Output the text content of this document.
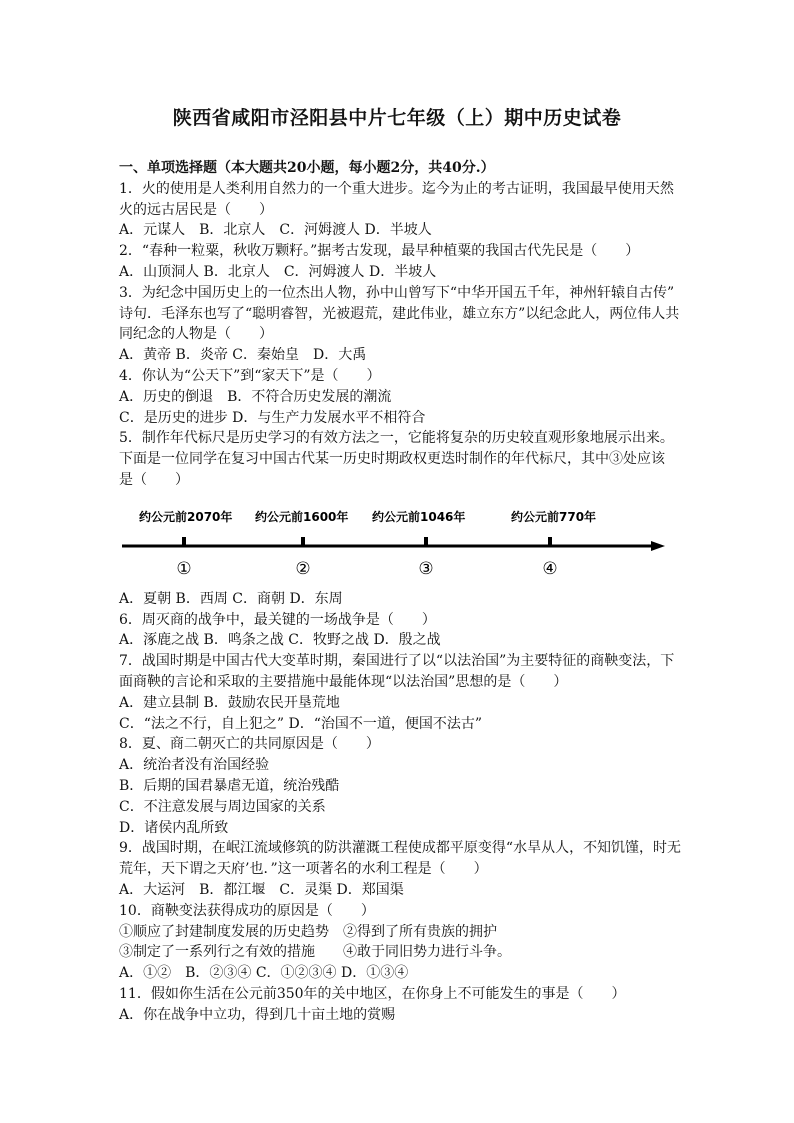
陕西省咸阳市泾阳县中片七年级（上）期中历史试卷
一、单项选择题（本大题共20小题，每小题2分，共40分.）
1．火的使用是人类利用自然力的一个重大进步。迄今为止的考古证明，我国最早使用天然
火的远古居民是（　　）
A．元谋人　B．北京人　C．河姆渡人 D．半坡人
2．“春种一粒粟，秋收万颗籽。”据考古发现，最早种植粟的我国古代先民是（　　）
A．山顶洞人 B．北京人　C．河姆渡人 D．半坡人
3．为纪念中国历史上的一位杰出人物，孙中山曾写下“中华开国五千年，神州轩辕自古传”
诗句．毛泽东也写了“聪明睿智，光被遐荒，建此伟业，雄立东方”以纪念此人，两位伟人共
同纪念的人物是（　　）
A．黄帝 B．炎帝 C．秦始皇　D．大禹
4．你认为“公天下”到“家天下”是（　　）
A．历史的倒退　B．不符合历史发展的潮流
C．是历史的进步 D．与生产力发展水平不相符合
5．制作年代标尺是历史学习的有效方法之一，它能将复杂的历史较直观形象地展示出来。
下面是一位同学在复习中国古代某一历史时期政权更迭时制作的年代标尺，其中③处应该
是（　　）
约公元前2070年 约公元前1600年 约公元前1046年	约公元前770年
①	②	③	④
A．夏朝 B．西周 C．商朝 D．东周
6．周灭商的战争中，最关键的一场战争是（　　）
A．涿鹿之战 B．鸣条之战 C．牧野之战 D．殷之战
7．战国时期是中国古代大变革时期，秦国进行了以“以法治国”为主要特征的商鞅变法，下
面商鞅的言论和采取的主要措施中最能体现“以法治国”思想的是（　　）
A．建立县制 B．鼓励农民开垦荒地
C．“法之不行，自上犯之” D．“治国不一道，便国不法古”
8．夏、商二朝灭亡的共同原因是（　　）
A．统治者没有治国经验
B．后期的国君暴虐无道，统治残酷
C．不注意发展与周边国家的关系
D．诸侯内乱所致
9．战国时期，在岷江流域修筑的防洪灌溉工程使成都平原变得“水旱从人，不知饥馑，时无
荒年，天下谓之天府’也．”这一项著名的水利工程是（　　）
A．大运河　B．都江堰　C．灵渠 D．郑国渠
10．商鞅变法获得成功的原因是（　　）
①顺应了封建制度发展的历史趋势　②得到了所有贵族的拥护
③制定了一系列行之有效的措施　　④敢于同旧势力进行斗争。
A．①②　B．②③④ C．①②③④ D．①③④
11．假如你生活在公元前350年的关中地区，在你身上不可能发生的事是（　　）
A．你在战争中立功，得到几十亩土地的赏赐
